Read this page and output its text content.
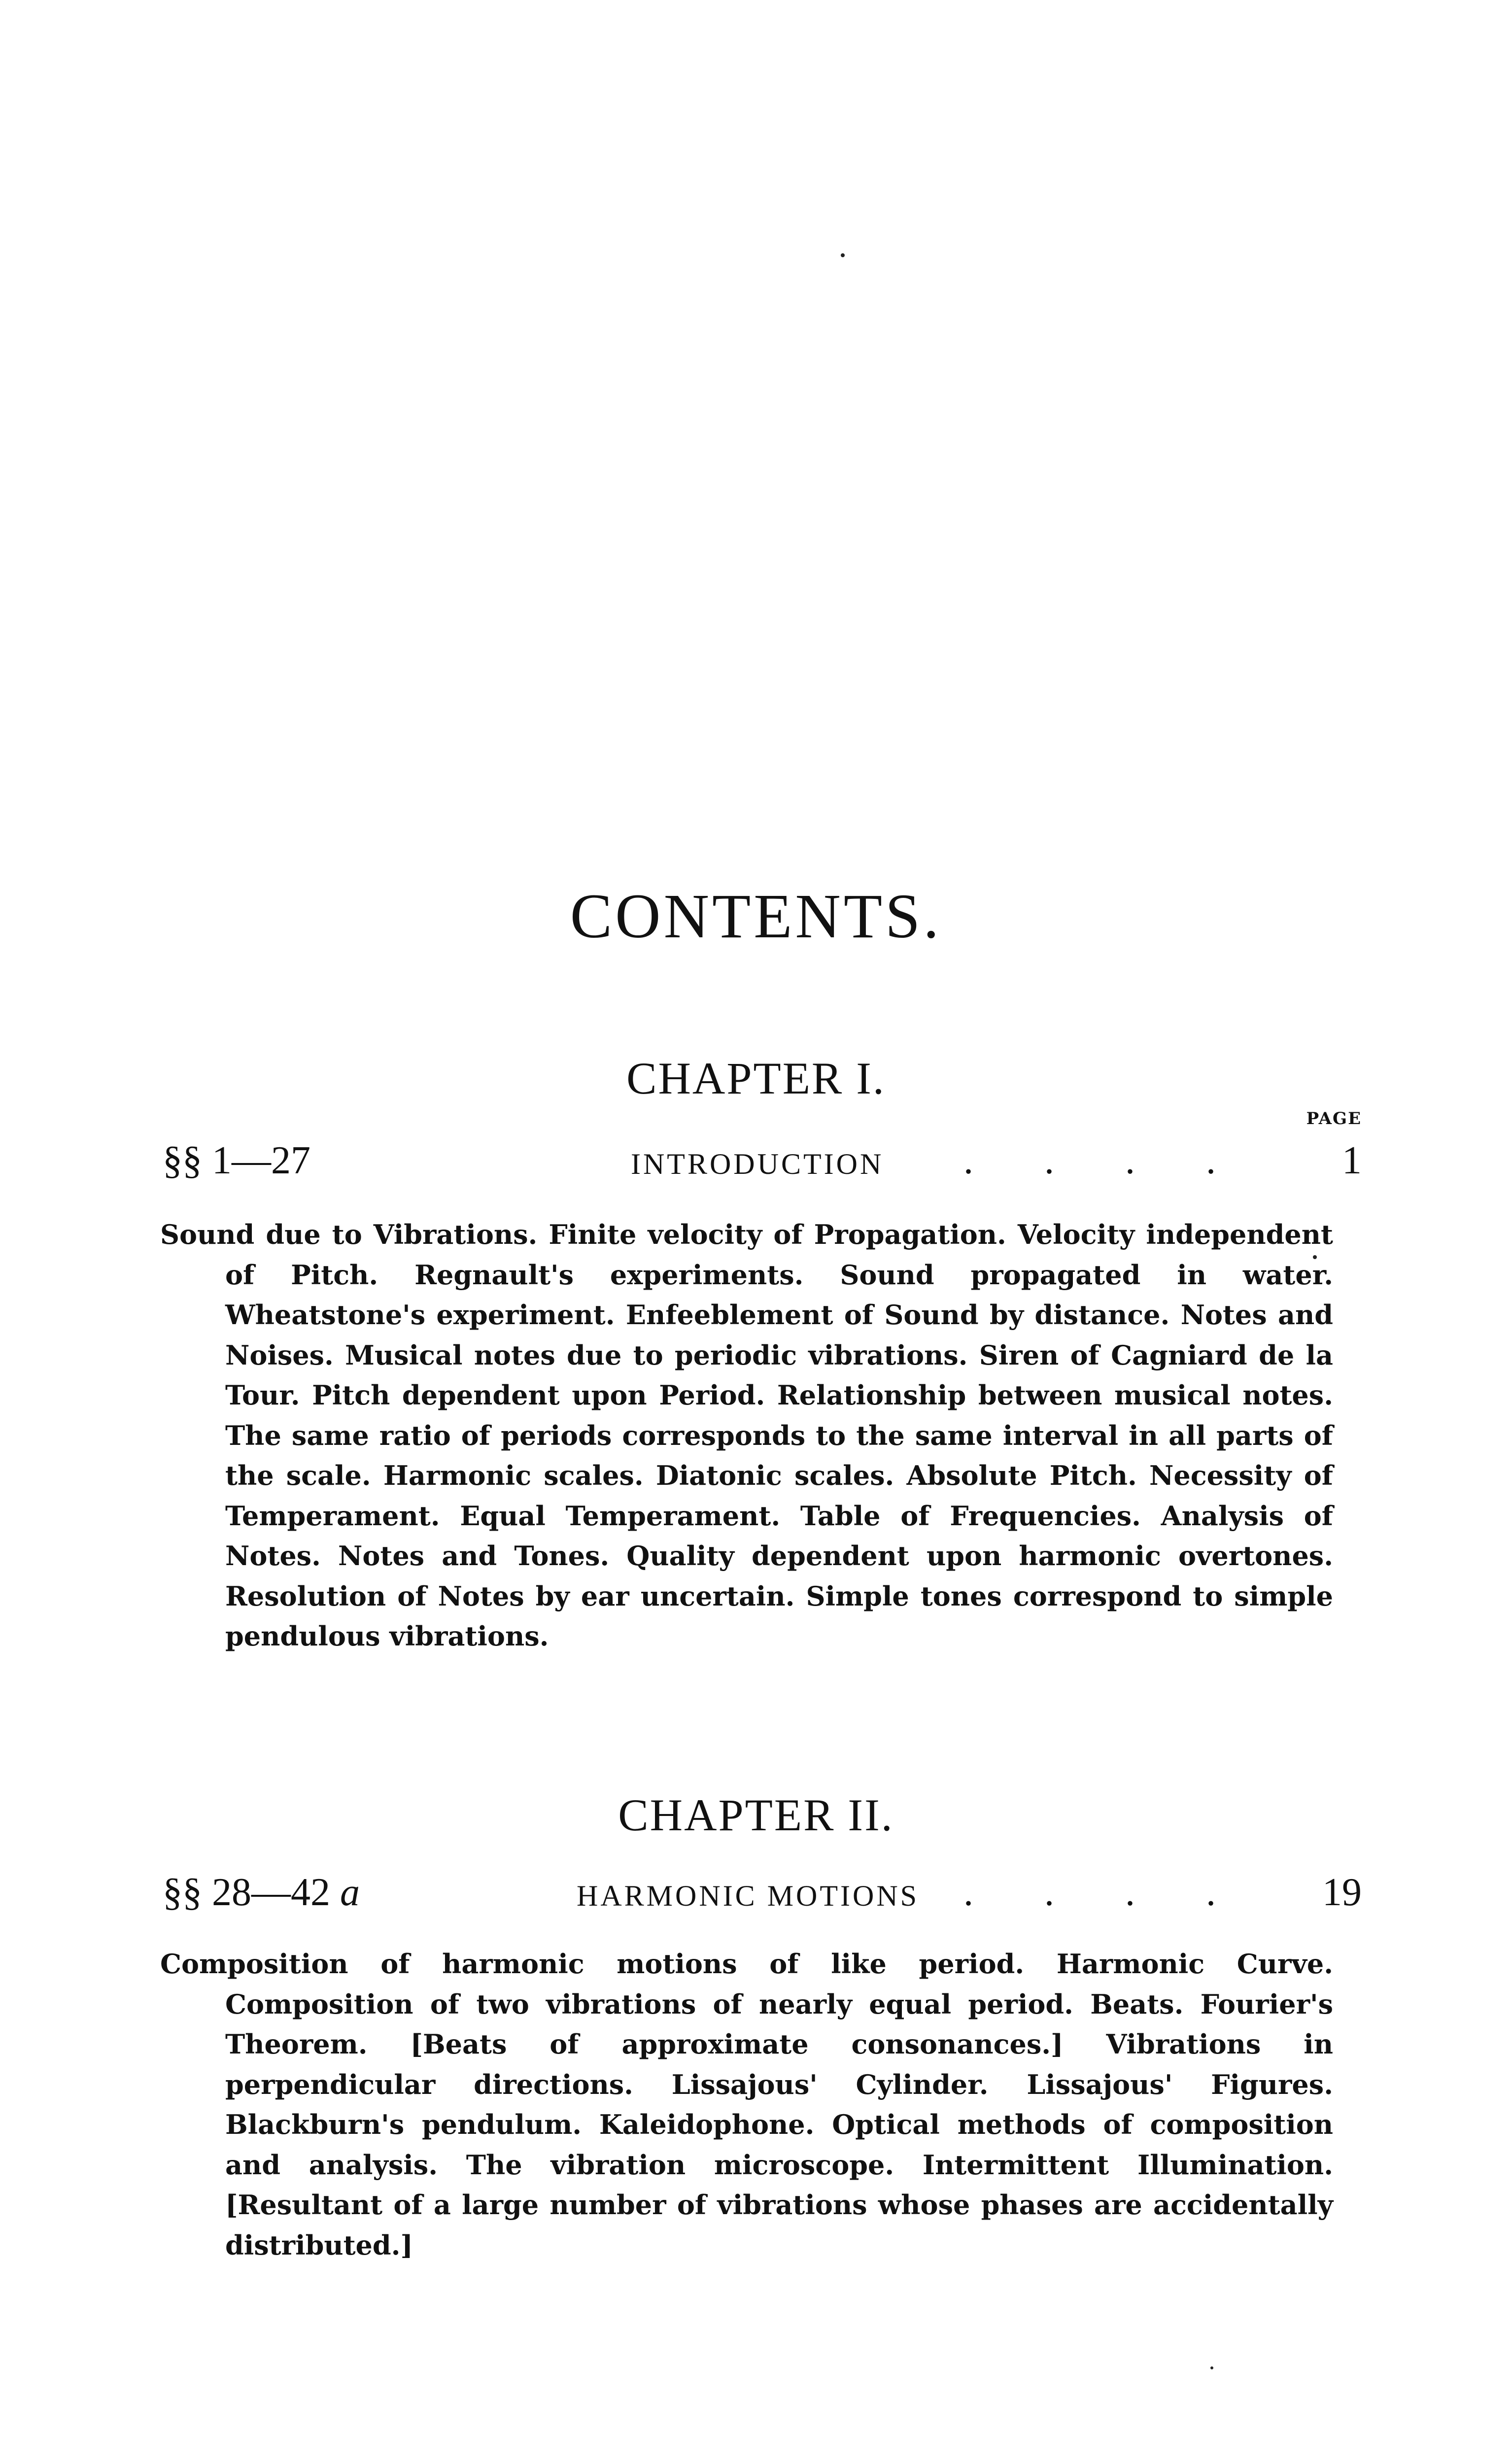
CONTENTS.
CHAPTER I.
PAGE
§§ 1—27	INTRODUCTION . . . . 1

Sound due to Vibrations. Finite velocity of Propagation. Velocity independent of Pitch. Regnault's experiments. Sound propagated in water. Wheatstone's experiment. Enfeeblement of Sound by distance. Notes and Noises. Musical notes due to periodic vibrations. Siren of Cagniard de la Tour. Pitch dependent upon Period. Relationship between musical notes. The same ratio of periods corresponds to the same interval in all parts of the scale. Harmonic scales. Diatonic scales. Absolute Pitch. Necessity of Temperament. Equal Temperament. Table of Frequencies. Analysis of Notes. Notes and Tones. Quality dependent upon harmonic overtones. Resolution of Notes by ear uncertain. Simple tones correspond to simple pendulous vibrations.

CHAPTER II.
§§ 28—42 a	HARMONIC MOTIONS . . . . 19

Composition of harmonic motions of like period. Harmonic Curve. Composition of two vibrations of nearly equal period. Beats. Fourier's Theorem. [Beats of approximate consonances.] Vibrations in perpendicular directions. Lissajous' Cylinder. Lissajous' Figures. Blackburn's pendulum. Kaleidophone. Optical methods of composition and analysis. The vibration microscope. Intermittent Illumination. [Resultant of a large number of vibrations whose phases are accidentally distributed.]
